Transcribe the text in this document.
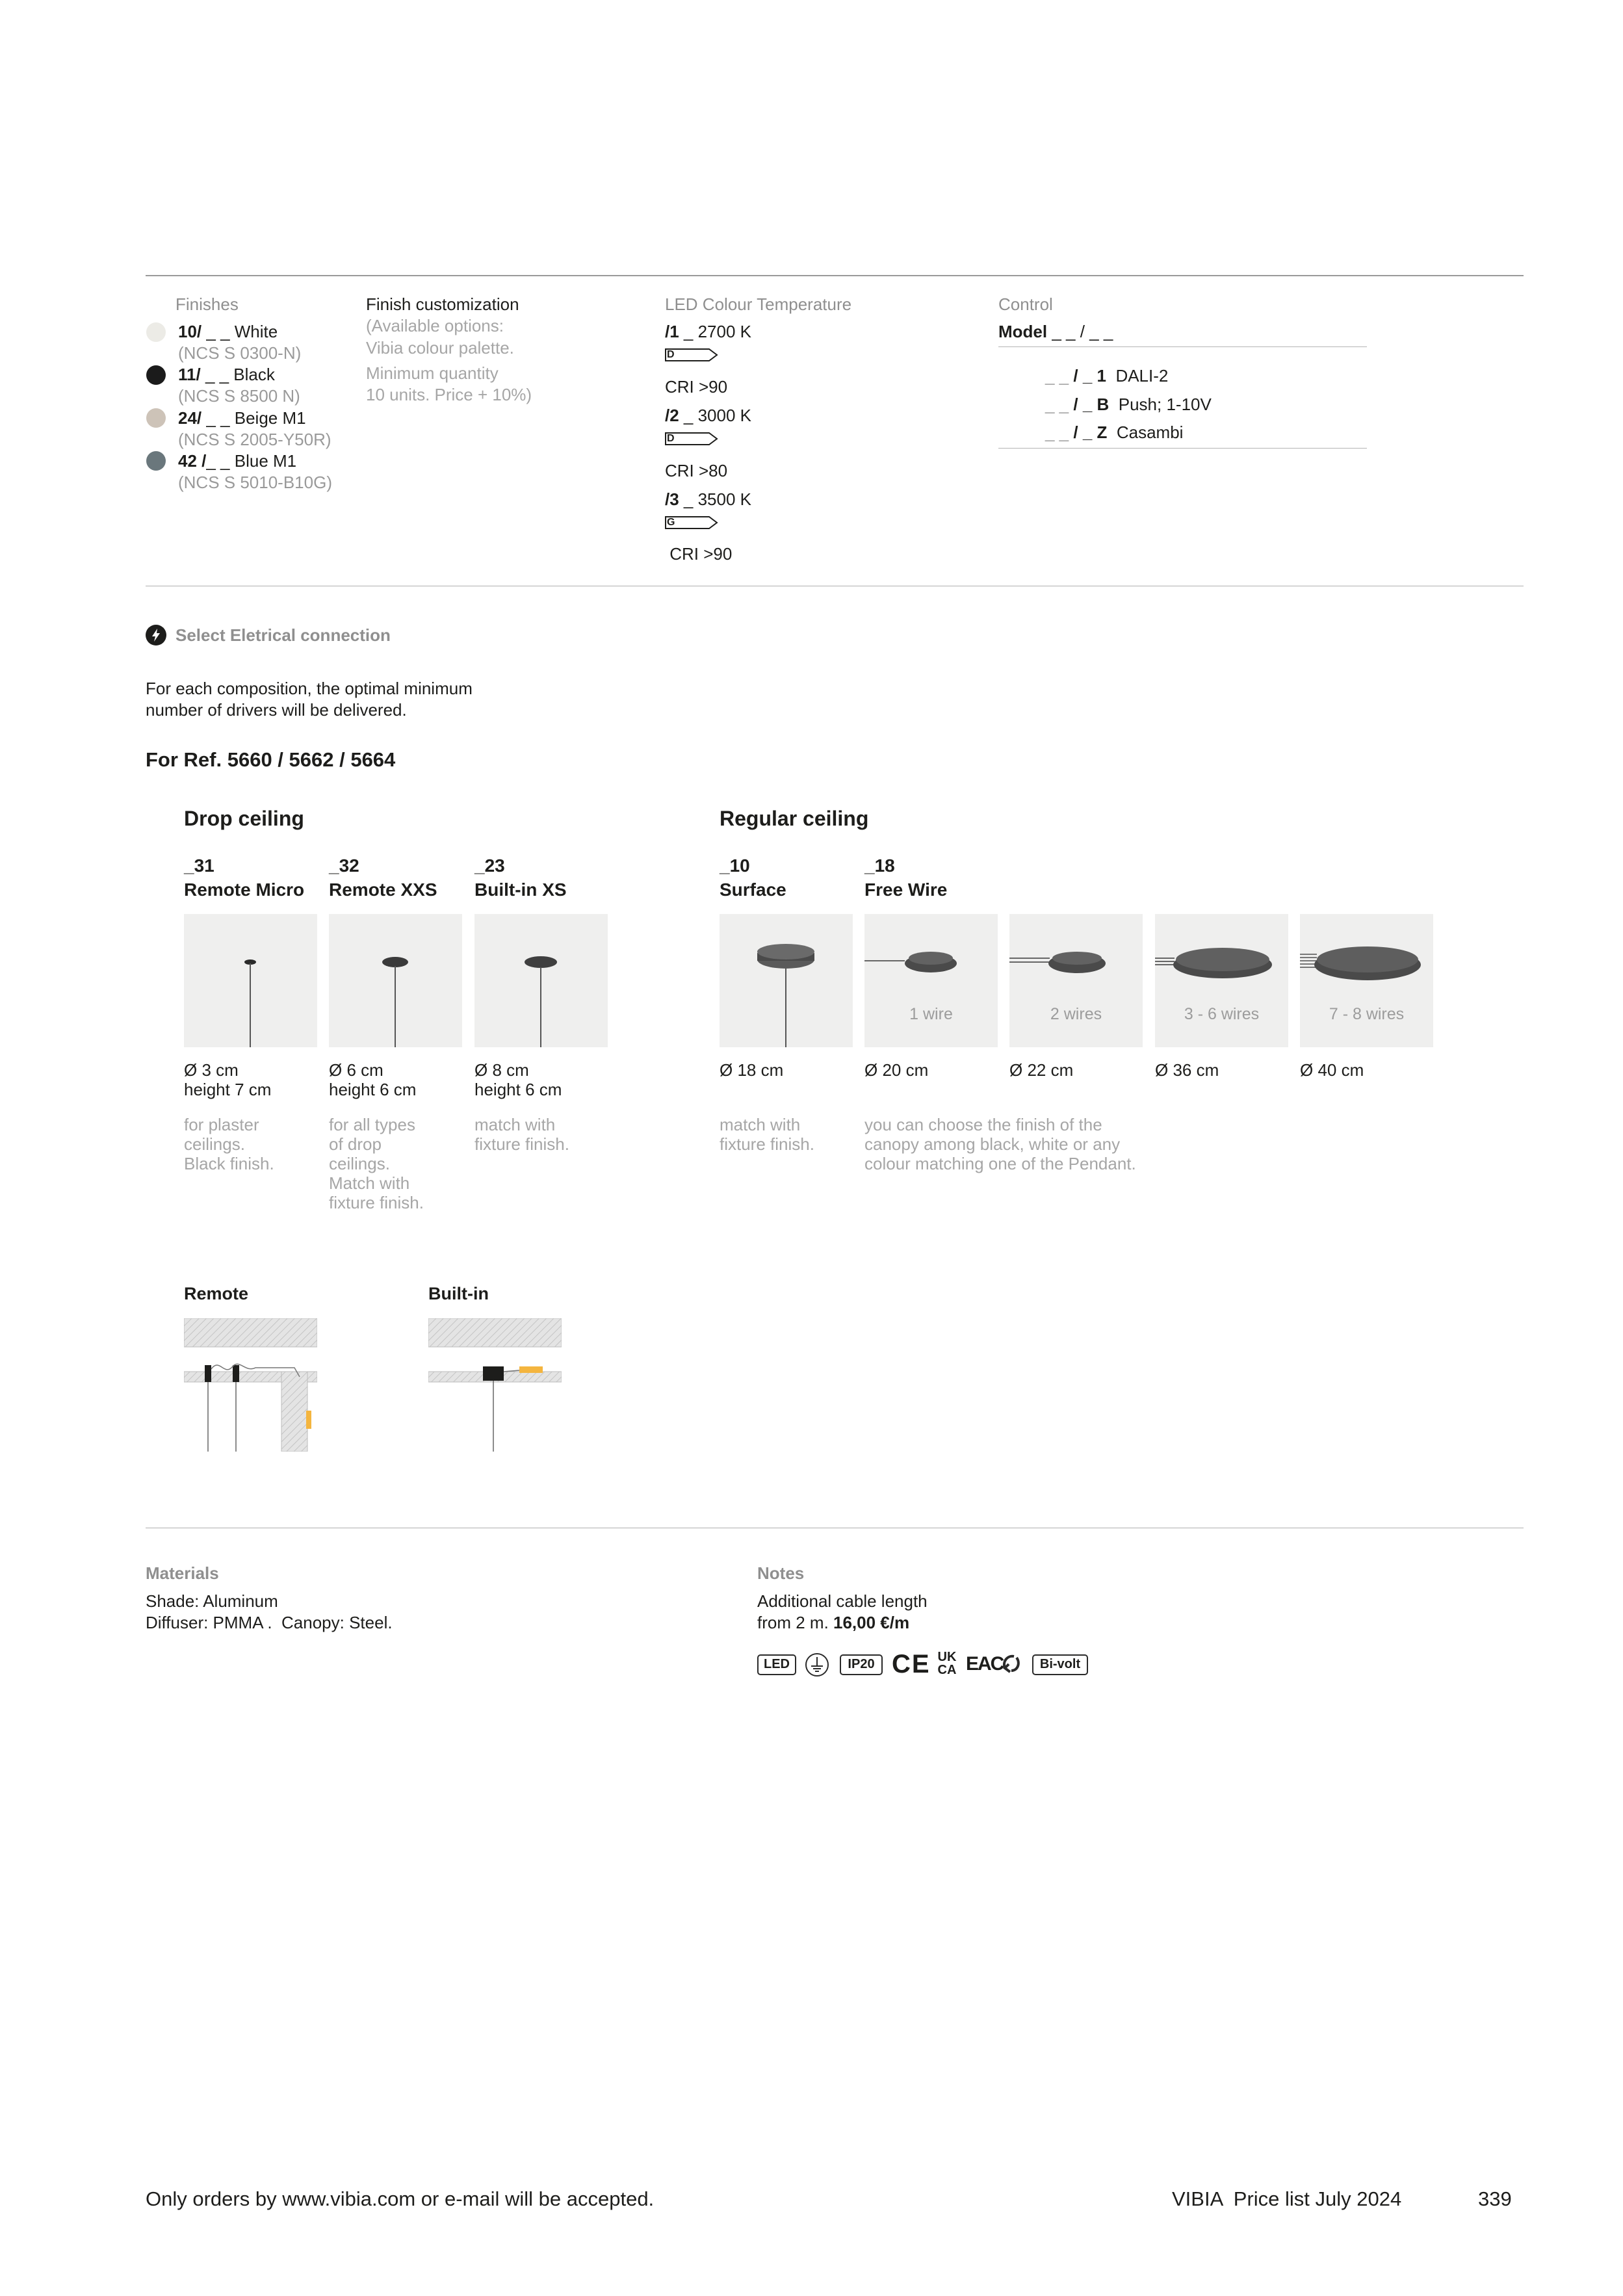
Finishes
10/ _ _ White
(NCS S 0300-N)
11/ _ _ Black
(NCS S 8500 N)
24/ _ _ Beige M1
(NCS S 2005-Y50R)
42 /_ _ Blue M1
(NCS S 5010-B10G)
Finish customization
(Available options:
Vibia colour palette.
Minimum quantity
10 units. Price + 10%)
LED Colour Temperature
/1 _ 2700 K
D
CRI >90
/2 _ 3000 K
D
CRI >80
/3 _ 3500 K
G
CRI >90
Control
Model _ _ / _ _
_ _ / _ 1 DALI-2
_ _ / _ B Push; 1-10V
_ _ / _ Z Casambi
Select Eletrical connection
For each composition, the optimal minimum
number of drivers will be delivered.
For Ref. 5660 / 5662 / 5664
Drop ceiling
_31
Remote Micro
Ø 3 cm
height 7 cm
for plaster
ceilings.
Black finish.
_32
Remote XXS
Ø 6 cm
height 6 cm
for all types
of drop
ceilings.
Match with
fixture finish.
_23
Built-in XS
Ø 8 cm
height 6 cm
match with
fixture finish.
Regular ceiling
_10
Surface
Ø 18 cm
match with
fixture finish.
_18
Free Wire
1 wire	2 wires	3 - 6 wires	7 - 8 wires
Ø 20 cm	Ø 22 cm	Ø 36 cm	Ø 40 cm
you can choose the finish of the
canopy among black, white or any
colour matching one of the Pendant.
Remote	Built-in
Materials
Shade: Aluminum
Diffuser: PMMA .  Canopy: Steel.
Notes
Additional cable length
from 2 m. 16,00 €/m
LED	IP20 CE UK
CA EAC	Bi-volt
Only orders by www.vibia.com or e-mail will be accepted.	VIBIA  Price list July 2024	339
